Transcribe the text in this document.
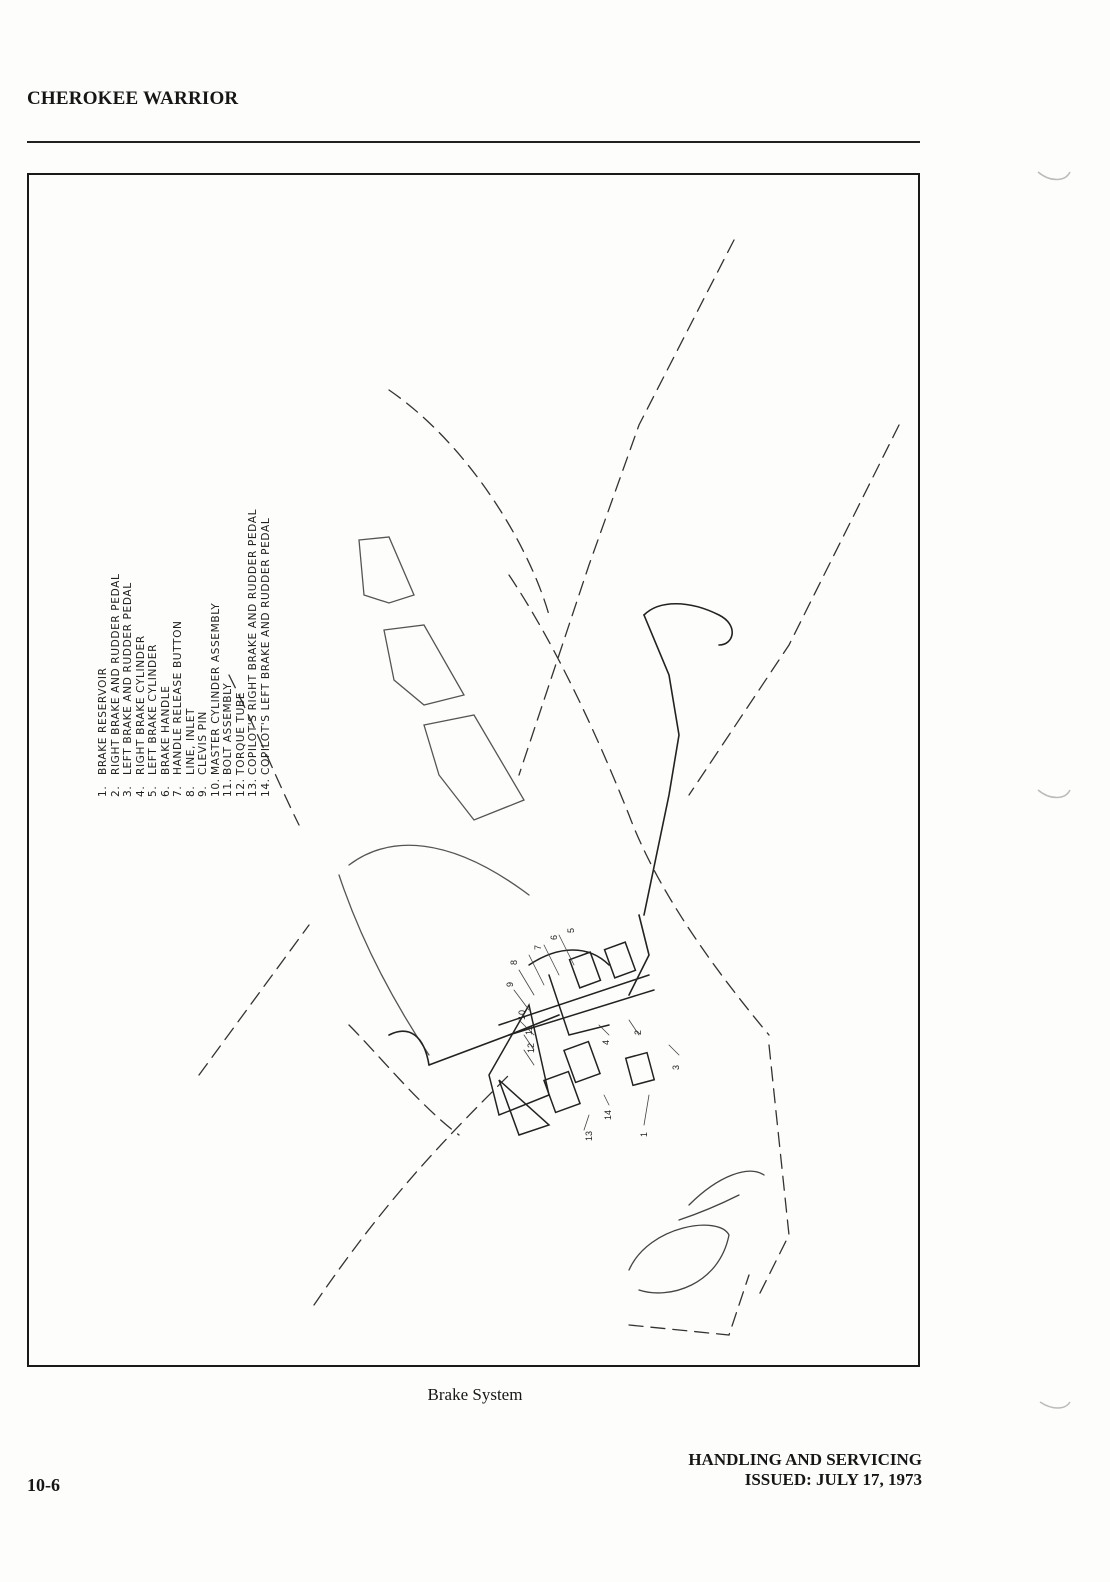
CHEROKEE WARRIOR
1
2
3
4
5
6
7
8
9
10
11
12
13
14
1.BRAKE RESERVOIR
2.RIGHT BRAKE AND RUDDER PEDAL
3.LEFT BRAKE AND RUDDER PEDAL
4.RIGHT BRAKE CYLINDER
5.LEFT BRAKE CYLINDER
6.BRAKE HANDLE
7.HANDLE RELEASE BUTTON
8.LINE, INLET
9.CLEVIS PIN
10.MASTER CYLINDER ASSEMBLY
11.BOLT ASSEMBLY
12.TORQUE TUBE
13.COPILOT'S RIGHT BRAKE AND RUDDER PEDAL
14.COPILOT'S LEFT BRAKE AND RUDDER PEDAL
Brake System
10-6
HANDLING AND SERVICING
ISSUED: JULY 17, 1973
